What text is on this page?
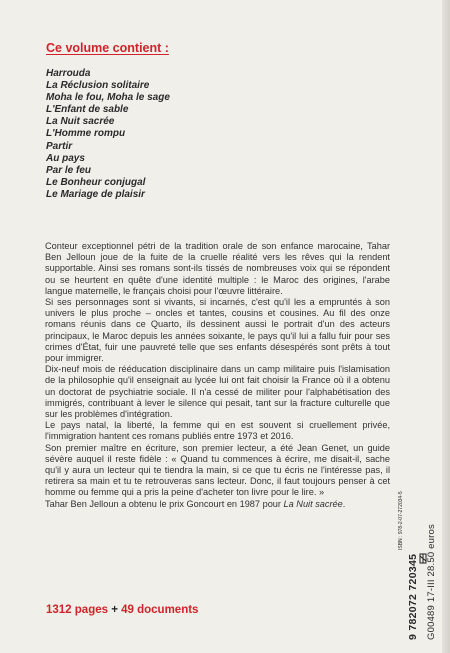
Ce volume contient :
Harrouda
La Réclusion solitaire
Moha le fou, Moha le sage
L'Enfant de sable
La Nuit sacrée
L'Homme rompu
Partir
Au pays
Par le feu
Le Bonheur conjugal
Le Mariage de plaisir

Conteur exceptionnel pétri de la tradition orale de son enfance marocaine, Tahar Ben Jelloun joue de la fuite de la cruelle réalité vers les rêves qui la rendent supportable. Ainsi ses romans sont-ils tissés de nombreuses voix qui se répondent ou se heurtent en quête d'une identité multiple : le Maroc des origines, l'arabe langue maternelle, le français choisi pour l'œuvre littéraire.

Si ses personnages sont si vivants, si incarnés, c'est qu'il les a empruntés à son univers le plus proche – oncles et tantes, cousins et cousines. Au fil des onze romans réunis dans ce Quarto, ils dessinent aussi le portrait d'un des acteurs principaux, le Maroc depuis les années soixante, le pays qu'il lui a fallu fuir pour ses crimes d'État, fuir une pauvreté telle que ses enfants désespérés sont prêts à tout pour immigrer.

Dix-neuf mois de rééducation disciplinaire dans un camp militaire puis l'islamisation de la philosophie qu'il enseignait au lycée lui ont fait choisir la France où il a obtenu un doctorat de psychiatrie sociale. Il n'a cessé de militer pour l'alphabétisation des immigrés, contribuant à lever le silence qui pesait, tant sur la fracture culturelle que sur les problèmes d'intégration.

Le pays natal, la liberté, la femme qui en est souvent si cruellement privée, l'immigration hantent ces romans publiés entre 1973 et 2016.

Son premier maître en écriture, son premier lecteur, a été Jean Genet, un guide sévère auquel il reste fidèle : « Quand tu commences à écrire, me disait-il, sache qu'il y aura un lecteur qui te tiendra la main, si ce que tu écris ne l'intéresse pas, il retirera sa main et tu te retrouveras sans lecteur. Donc, il faut toujours penser à cet homme ou femme qui a pris la peine d'acheter ton livre pour le lire. »

Tahar Ben Jelloun a obtenu le prix Goncourt en 1987 pour La Nuit sacrée.

1312 pages + 49 documents
ISBN : 978-2-07-272034-5
9 782072 720345 G00489 17-III 28.50 euros
